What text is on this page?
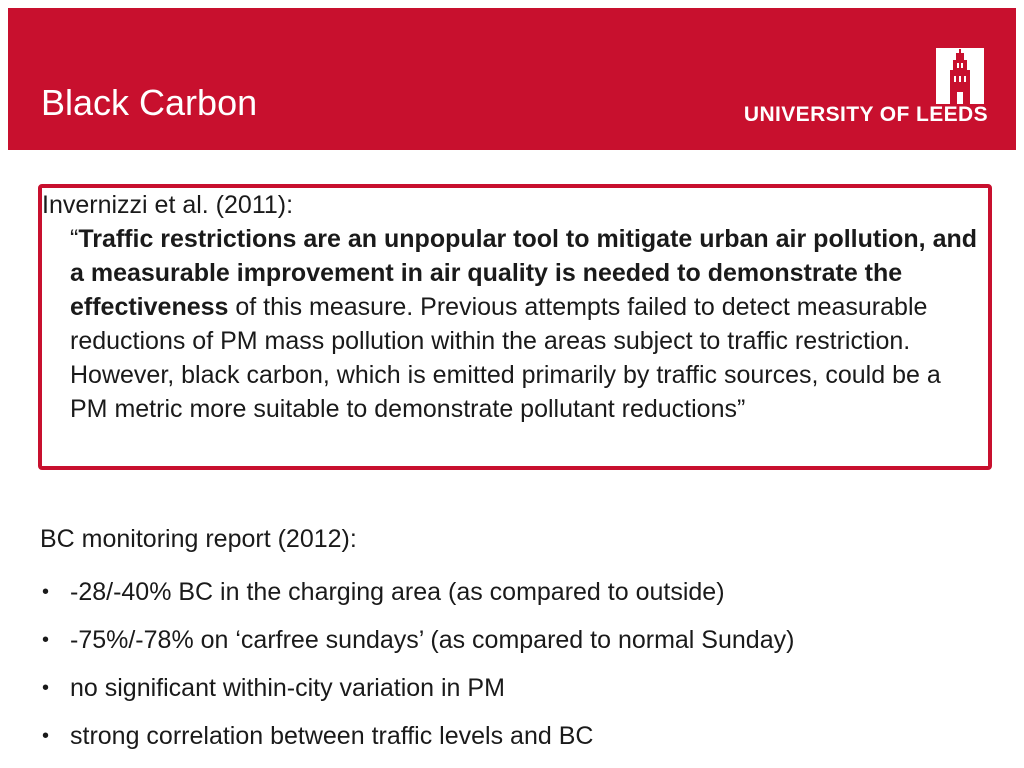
Black Carbon	UNIVERSITY OF LEEDS
Invernizzi et al. (2011):
“Traffic restrictions are an unpopular tool to mitigate urban air pollution, and a measurable improvement in air quality is needed to demonstrate the effectiveness of this measure. Previous attempts failed to detect measurable reductions of PM mass pollution within the areas subject to traffic restriction. However, black carbon, which is emitted primarily by traffic sources, could be a PM metric more suitable to demonstrate pollutant reductions”
BC monitoring report (2012):
• -28/-40% BC in the charging area (as compared to outside)
• -75%/-78% on ‘carfree sundays’ (as compared to normal Sunday)
• no significant within-city variation in PM
• strong correlation between traffic levels and BC
